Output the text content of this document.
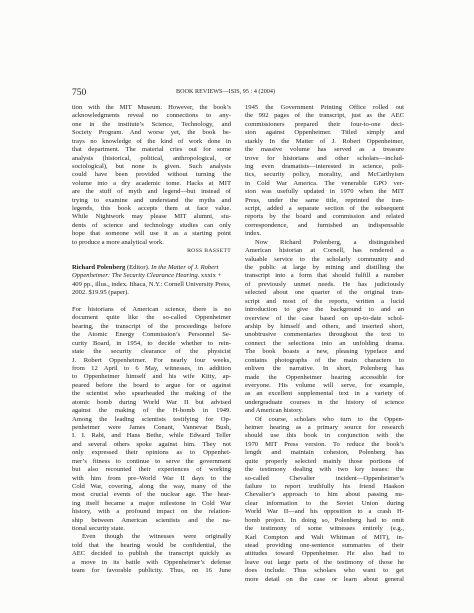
750	BOOK REVIEWS—ISIS, 95 : 4 (2004)
tion with the MIT Museum. However, the book’s
acknowledgments reveal no connections to any-
one in the institute’s Science, Technology, and
Society Program. And worse yet, the book be-
trays no knowledge of the kind of work done in
that department. The material cries out for some
analysis (historical, political, anthropological, or
sociological), but none is given. Such analysis
could have been provided without turning the
volume into a dry academic tome. Hacks at MIT
are the stuff of myth and legend—but instead of
trying to examine and understand the myths and
legends, this book accepts them at face value.
While Nightwork may please MIT alumni, stu-
dents of science and technology studies can only
hope that someone will use it as a starting point
to produce a more analytical work.

ROSS BASSETT

Richard Polenberg (Editor). In the Matter of J. Robert Oppenheimer: The Security Clearance Hearing. xxxix + 409 pp., illus., index. Ithaca, N.Y.: Cornell University Press, 2002. $19.95 (paper).

For historians of American science, there is no
document quite like the so-called Oppenheimer
hearing, the transcript of the proceedings before
the Atomic Energy Commission’s Personnel Se-
curity Board, in 1954, to decide whether to rein-
state the security clearance of the physicist
J. Robert Oppenheimer. For nearly four weeks,
from 12 April to 6 May, witnesses, in addition
to Oppenheimer himself and his wife Kitty, ap-
peared before the board to argue for or against
the scientist who spearheaded the making of the
atomic bomb during World War II but advised
against the making of the H-bomb in 1949.
Among the leading scientists testifying for Op-
penheimer were James Conant, Vannevar Bush,
I. I. Rabi, and Hans Bethe, while Edward Teller
and several others spoke against him. They not
only expressed their opinions as to Oppenhei-
mer’s fitness to continue to serve the government
but also recounted their experiences of working
with him from pre–World War II days to the
Cold War, covering, along the way, many of the
most crucial events of the nuclear age. The hear-
ing itself became a major milestone in Cold War
history, with a profound impact on the relation-
ship between American scientists and the na-
tional security state.
Even though the witnesses were originally
told that the hearing would be confidential, the
AEC decided to publish the transcript quickly as
a move in its battle with Oppenheimer’s defense
team for favorable publicity. Thus, on 16 June
1945 the Government Printing Office rolled out
the 992 pages of the transcript, just as the AEC
commissioners prepared their four-to-one deci-
sion against Oppenheimer. Titled simply and
starkly In the Matter of J. Robert Oppenheimer,
the massive volume has served as a treasure
trove for historians and other scholars—includ-
ing even dramatists—interested in science, poli-
tics, security policy, morality, and McCarthyism
in Cold War America. The venerable GPO ver-
sion was usefully updated in 1970 when the MIT
Press, under the same title, reprinted the tran-
script, added a separate section of the subsequent
reports by the board and commission and related
correspondence, and furnished an indispensable
index.
Now Richard Polenberg, a distinguished
American historian at Cornell, has rendered a
valuable service to the scholarly community and
the public at large by mining and distilling the
transcript into a form that should fulfill a number
of previously unmet needs. He has judiciously
selected about one quarter of the original tran-
script and most of the reports, written a lucid
introduction to give the background to and an
overview of the case based on up-to-date schol-
arship by himself and others, and inserted short,
unobtrusive commentaries throughout the text to
connect the selections into an unfolding drama.
The book boasts a new, pleasing typeface and
contains photographs of the main characters to
enliven the narrative. In short, Polenberg has
made the Oppenheimer hearing accessible for
everyone. His volume will serve, for example,
as an excellent supplemental text in a variety of
undergraduate courses in the history of science
and American history.
Of course, scholars who turn to the Oppen-
heimer hearing as a primary source for research
should use this book in conjunction with the
1970 MIT Press version. To reduce the book’s
length and maintain cohesion, Polenberg has
quite properly selected mainly those portions of
the testimony dealing with two key issues: the
so-called Chevalier incident—Oppenheimer’s
failure to report truthfully his friend Haakon
Chevalier’s approach to him about passing nu-
clear information to the Soviet Union during
World War II—and his opposition to a crash H-
bomb project. In doing so, Polenberg had to omit
the testimony of some witnesses entirely (e.g.,
Karl Compton and Walt Whitman of MIT), in-
stead providing one-sentence summaries of their
attitudes toward Oppenheimer. He also had to
leave out large parts of the testimony of those he
does include. Thus scholars who want to get
more detail on the case or learn about general
